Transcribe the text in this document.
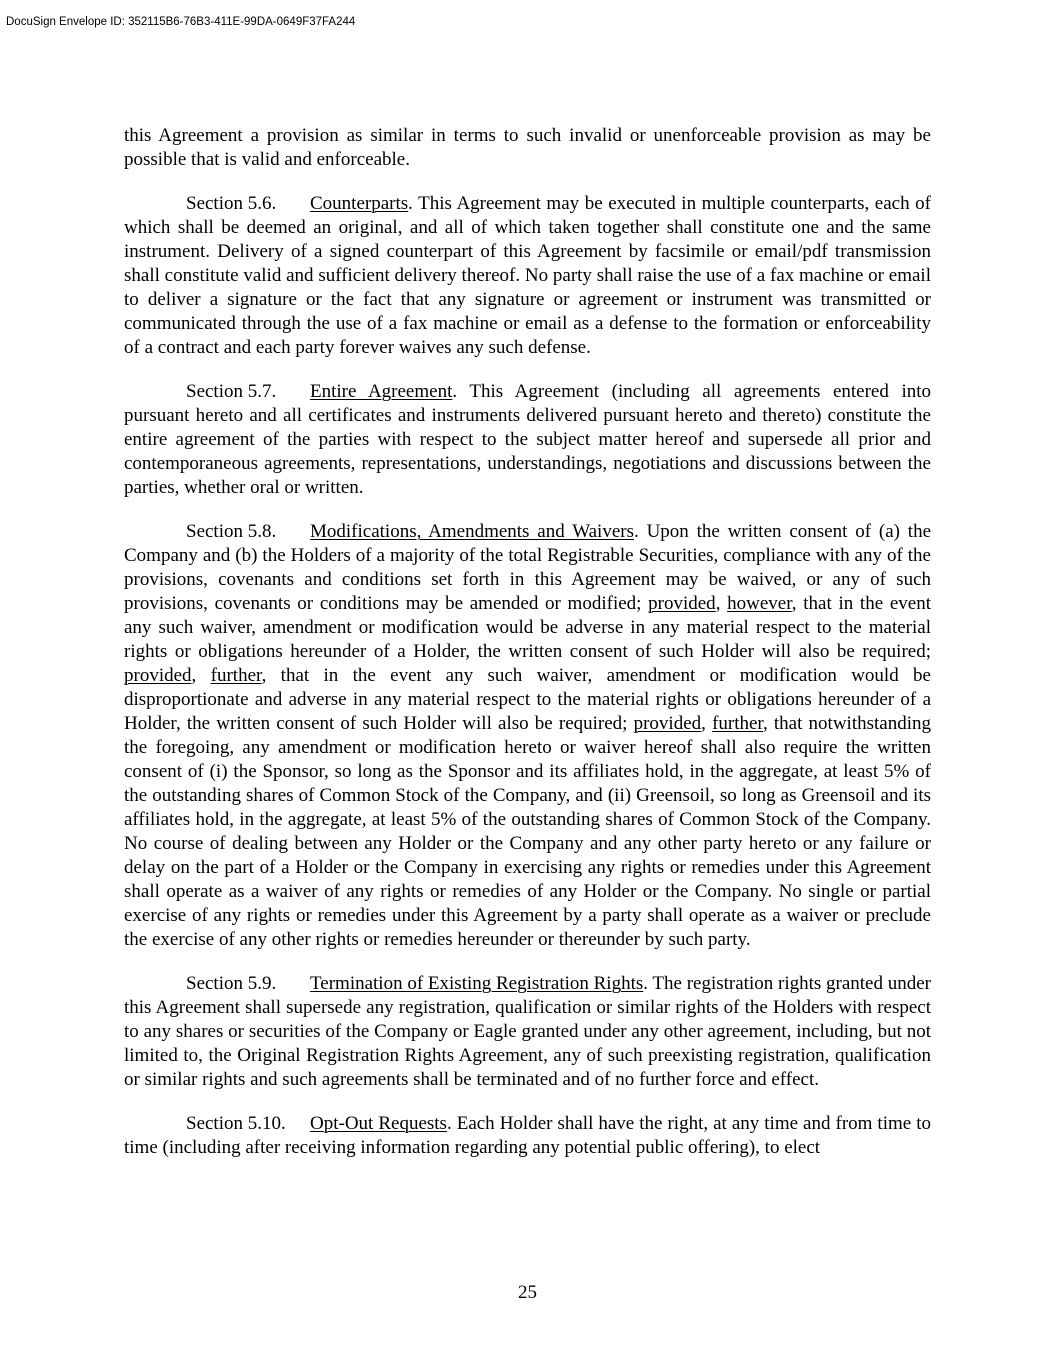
DocuSign Envelope ID: 352115B6-76B3-411E-99DA-0649F37FA244

this Agreement a provision as similar in terms to such invalid or unenforceable provision as may be possible that is valid and enforceable.

Section 5.6. Counterparts. This Agreement may be executed in multiple counterparts, each of which shall be deemed an original, and all of which taken together shall constitute one and the same instrument. Delivery of a signed counterpart of this Agreement by facsimile or email/pdf transmission shall constitute valid and sufficient delivery thereof. No party shall raise the use of a fax machine or email to deliver a signature or the fact that any signature or agreement or instrument was transmitted or communicated through the use of a fax machine or email as a defense to the formation or enforceability of a contract and each party forever waives any such defense.

Section 5.7. Entire Agreement. This Agreement (including all agreements entered into pursuant hereto and all certificates and instruments delivered pursuant hereto and thereto) constitute the entire agreement of the parties with respect to the subject matter hereof and supersede all prior and contemporaneous agreements, representations, understandings, negotiations and discussions between the parties, whether oral or written.

Section 5.8. Modifications, Amendments and Waivers. Upon the written consent of (a) the Company and (b) the Holders of a majority of the total Registrable Securities, compliance with any of the provisions, covenants and conditions set forth in this Agreement may be waived, or any of such provisions, covenants or conditions may be amended or modified; provided, however, that in the event any such waiver, amendment or modification would be adverse in any material respect to the material rights or obligations hereunder of a Holder, the written consent of such Holder will also be required; provided, further, that in the event any such waiver, amendment or modification would be disproportionate and adverse in any material respect to the material rights or obligations hereunder of a Holder, the written consent of such Holder will also be required; provided, further, that notwithstanding the foregoing, any amendment or modification hereto or waiver hereof shall also require the written consent of (i) the Sponsor, so long as the Sponsor and its affiliates hold, in the aggregate, at least 5% of the outstanding shares of Common Stock of the Company, and (ii) Greensoil, so long as Greensoil and its affiliates hold, in the aggregate, at least 5% of the outstanding shares of Common Stock of the Company. No course of dealing between any Holder or the Company and any other party hereto or any failure or delay on the part of a Holder or the Company in exercising any rights or remedies under this Agreement shall operate as a waiver of any rights or remedies of any Holder or the Company. No single or partial exercise of any rights or remedies under this Agreement by a party shall operate as a waiver or preclude the exercise of any other rights or remedies hereunder or thereunder by such party.

Section 5.9. Termination of Existing Registration Rights. The registration rights granted under this Agreement shall supersede any registration, qualification or similar rights of the Holders with respect to any shares or securities of the Company or Eagle granted under any other agreement, including, but not limited to, the Original Registration Rights Agreement, any of such preexisting registration, qualification or similar rights and such agreements shall be terminated and of no further force and effect.

Section 5.10. Opt-Out Requests. Each Holder shall have the right, at any time and from time to time (including after receiving information regarding any potential public offering), to elect

25
